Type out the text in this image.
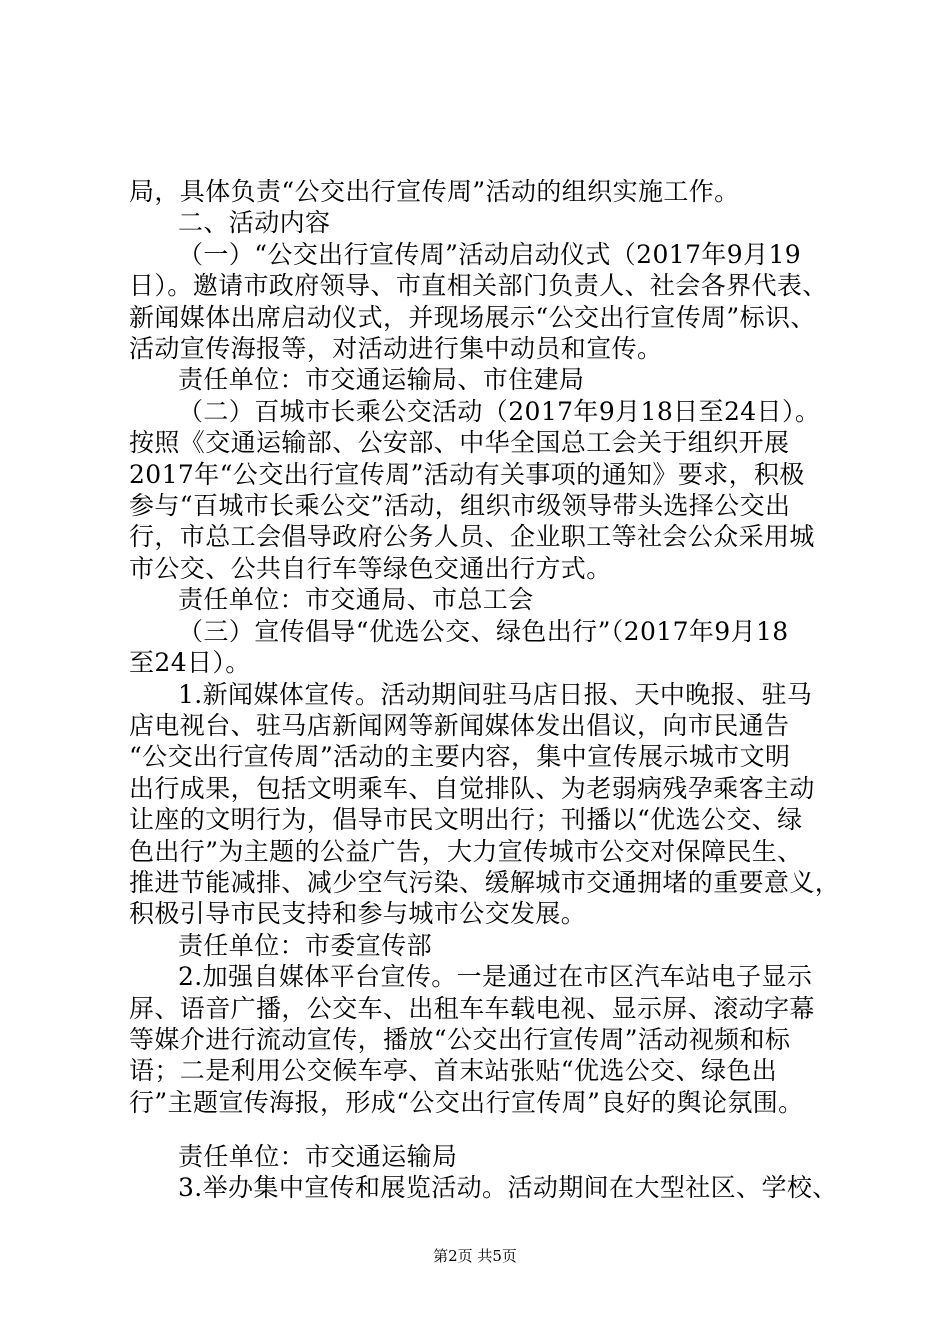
局，具体负责“公交出行宣传周”活动的组织实施工作。
二、活动内容
（一）“公交出行宣传周”活动启动仪式（2017年9月19
日）。邀请市政府领导、市直相关部门负责人、社会各界代表、
新闻媒体出席启动仪式，并现场展示“公交出行宣传周”标识、
活动宣传海报等，对活动进行集中动员和宣传。
责任单位：市交通运输局、市住建局
（二）百城市长乘公交活动（2017年9月18日至24日）。
按照《交通运输部、公安部、中华全国总工会关于组织开展
2017年“公交出行宣传周”活动有关事项的通知》要求，积极
参与“百城市长乘公交”活动，组织市级领导带头选择公交出
行，市总工会倡导政府公务人员、企业职工等社会公众采用城
市公交、公共自行车等绿色交通出行方式。
责任单位：市交通局、市总工会
（三）宣传倡导“优选公交、绿色出行”（2017年9月18
至24日）。
1.新闻媒体宣传。活动期间驻马店日报、天中晚报、驻马
店电视台、驻马店新闻网等新闻媒体发出倡议，向市民通告
“公交出行宣传周”活动的主要内容，集中宣传展示城市文明
出行成果，包括文明乘车、自觉排队、为老弱病残孕乘客主动
让座的文明行为，倡导市民文明出行；刊播以“优选公交、绿
色出行”为主题的公益广告，大力宣传城市公交对保障民生、
推进节能减排、减少空气污染、缓解城市交通拥堵的重要意义，
积极引导市民支持和参与城市公交发展。
责任单位：市委宣传部
2.加强自媒体平台宣传。一是通过在市区汽车站电子显示
屏、语音广播，公交车、出租车车载电视、显示屏、滚动字幕
等媒介进行流动宣传，播放“公交出行宣传周”活动视频和标
语；二是利用公交候车亭、首末站张贴“优选公交、绿色出
行”主题宣传海报，形成“公交出行宣传周”良好的舆论氛围。
责任单位：市交通运输局
3.举办集中宣传和展览活动。活动期间在大型社区、学校、
第2页 共5页
